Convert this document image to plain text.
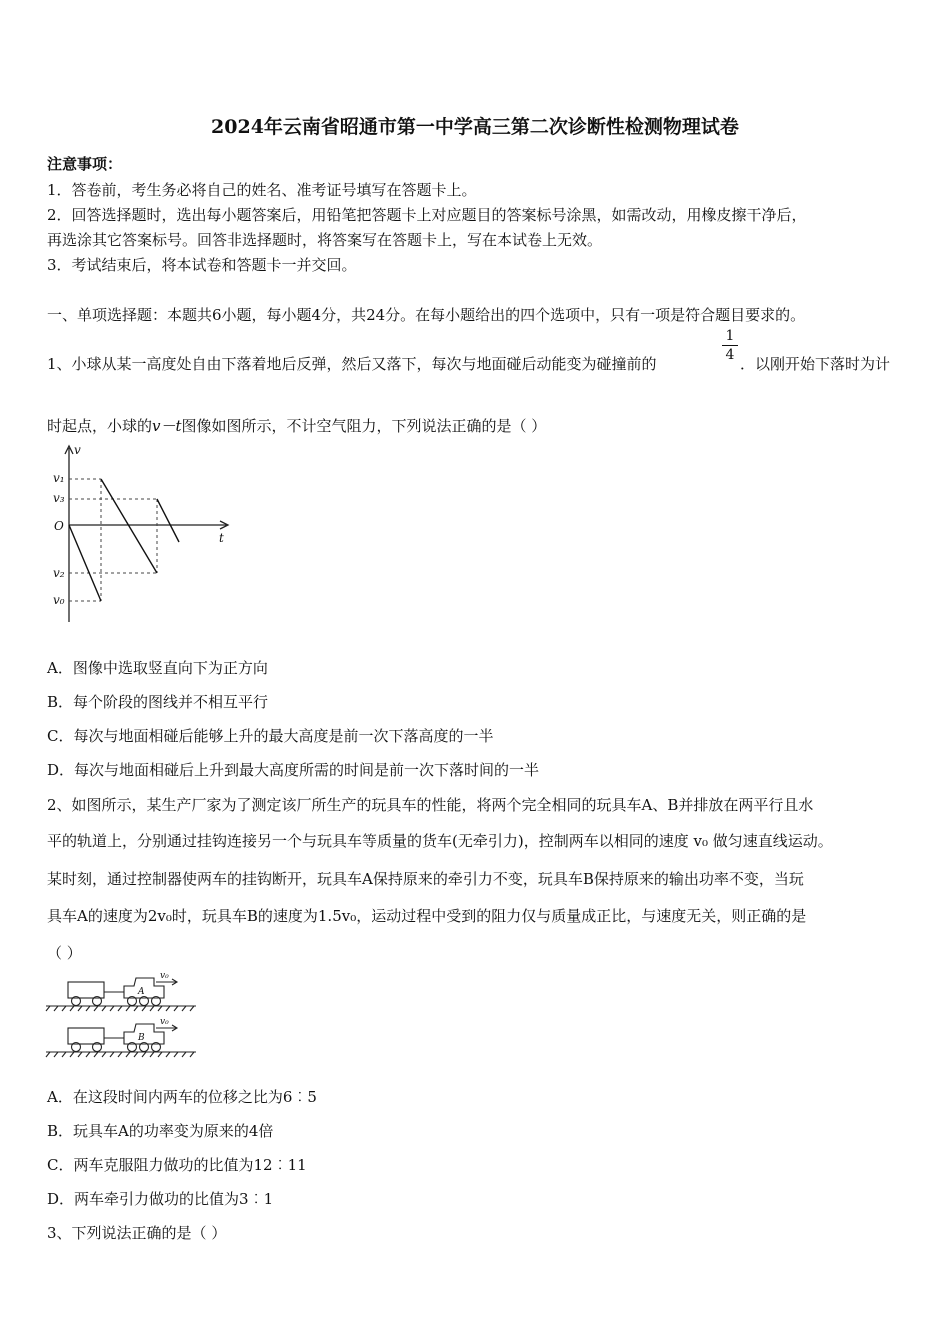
2024年云南省昭通市第一中学高三第二次诊断性检测物理试卷
注意事项：
1．答卷前，考生务必将自己的姓名、准考证号填写在答题卡上。
2．回答选择题时，选出每小题答案后，用铅笔把答题卡上对应题目的答案标号涂黑，如需改动，用橡皮擦干净后，
再选涂其它答案标号。回答非选择题时，将答案写在答题卡上，写在本试卷上无效。
3．考试结束后，将本试卷和答题卡一并交回。
一、单项选择题：本题共6小题，每小题4分，共24分。在每小题给出的四个选项中，只有一项是符合题目要求的。
1、小球从某一高度处自由下落着地后反弹，然后又落下，每次与地面碰后动能变为碰撞前的
1
4 ．以刚开始下落时为计
时起点，小球的v－t图像如图所示，不计空气阻力，下列说法正确的是（ ）
v
t
O
v₁
v₃
v₂
v₀
A．图像中选取竖直向下为正方向
B．每个阶段的图线并不相互平行
C．每次与地面相碰后能够上升的最大高度是前一次下落高度的一半
D．每次与地面相碰后上升到最大高度所需的时间是前一次下落时间的一半
2、如图所示，某生产厂家为了测定该厂所生产的玩具车的性能，将两个完全相同的玩具车A、B并排放在两平行且水
平的轨道上，分别通过挂钩连接另一个与玩具车等质量的货车(无牵引力)，控制两车以相同的速度 v₀ 做匀速直线运动。
某时刻，通过控制器使两车的挂钩断开，玩具车A保持原来的牵引力不变，玩具车B保持原来的输出功率不变，当玩
具车A的速度为2v₀时，玩具车B的速度为1.5v₀，运动过程中受到的阻力仅与质量成正比，与速度无关，则正确的是
（ ）
A
B
v₀
v₀
A．在这段时间内两车的位移之比为6︰5
B．玩具车A的功率变为原来的4倍
C．两车克服阻力做功的比值为12︰11
D．两车牵引力做功的比值为3︰1
3、下列说法正确的是（ ）
